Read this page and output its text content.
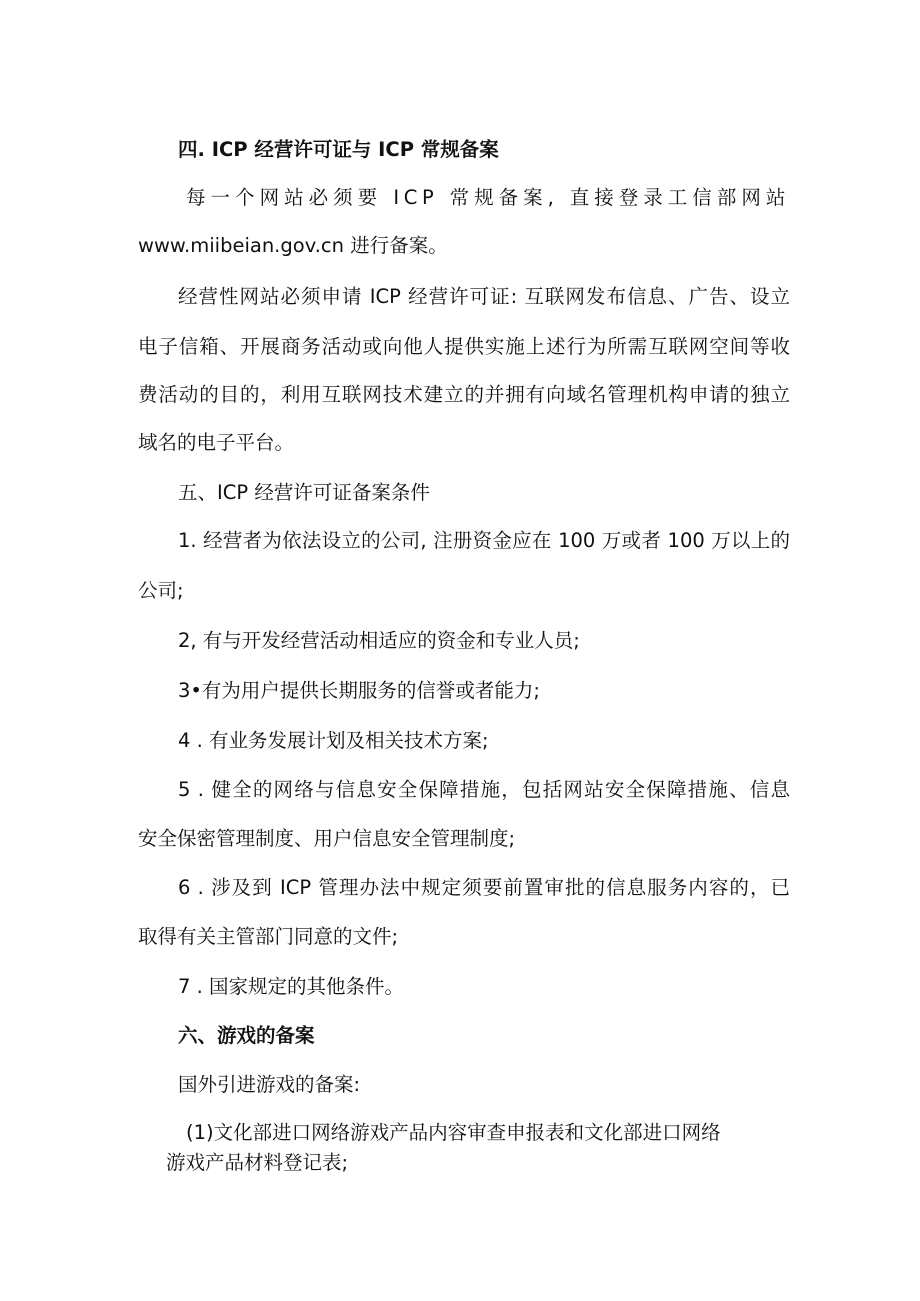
四. ICP 经营许可证与 ICP 常规备案
每一个网站必须要 ICP 常规备案, 直接登录工信部网站
www.miibeian.gov.cn 进行备案。
经营性网站必须申请 ICP 经营许可证: 互联网发布信息、广告、设立
电子信箱、开展商务活动或向他人提供实施上述行为所需互联网空间等收
费活动的目的，利用互联网技术建立的并拥有向域名管理机构申请的独立
域名的电子平台。
五、ICP 经营许可证备案条件
1. 经营者为依法设立的公司, 注册资金应在 100 万或者 100 万以上的
公司;
2, 有与开发经营活动相适应的资金和专业人员;
3•有为用户提供长期服务的信誉或者能力;
4 . 有业务发展计划及相关技术方案;
5 . 健全的网络与信息安全保障措施，包括网站安全保障措施、信息
安全保密管理制度、用户信息安全管理制度;
6 . 涉及到 ICP 管理办法中规定须要前置审批的信息服务内容的，已
取得有关主管部门同意的文件;
7 . 国家规定的其他条件。
六、游戏的备案
国外引进游戏的备案:
(1)文化部进口网络游戏产品内容审查申报表和文化部进口网络
游戏产品材料登记表;
